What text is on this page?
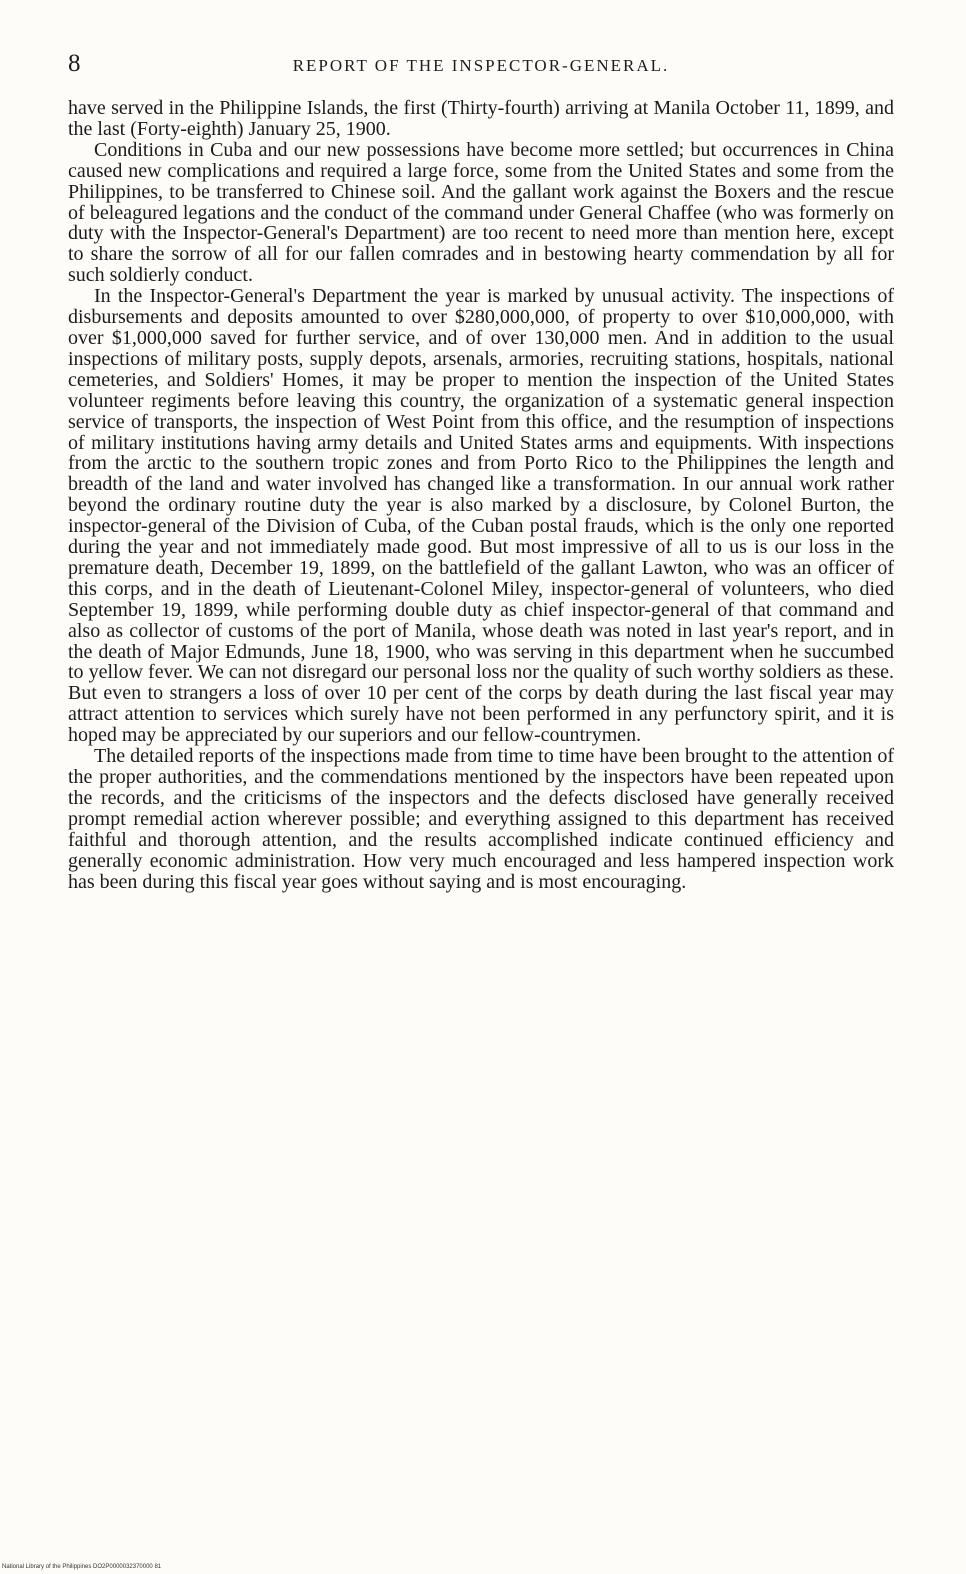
8	REPORT OF THE INSPECTOR-GENERAL.

have served in the Philippine Islands, the first (Thirty-fourth) arriving at Manila October 11, 1899, and the last (Forty-eighth) January 25, 1900.

Conditions in Cuba and our new possessions have become more settled; but occurrences in China caused new complications and required a large force, some from the United States and some from the Philippines, to be transferred to Chinese soil. And the gallant work against the Boxers and the rescue of beleagured legations and the conduct of the command under General Chaffee (who was formerly on duty with the Inspector-General's Department) are too recent to need more than mention here, except to share the sorrow of all for our fallen comrades and in bestowing hearty commendation by all for such soldierly conduct.

In the Inspector-General's Department the year is marked by unusual activity. The inspections of disbursements and deposits amounted to over $280,000,000, of property to over $10,000,000, with over $1,000,000 saved for further service, and of over 130,000 men. And in addition to the usual inspections of military posts, supply depots, arsenals, armories, recruiting stations, hospitals, national cemeteries, and Soldiers' Homes, it may be proper to mention the inspection of the United States volunteer regiments before leaving this country, the organization of a systematic general inspection service of transports, the inspection of West Point from this office, and the resumption of inspections of military institutions having army details and United States arms and equipments. With inspections from the arctic to the southern tropic zones and from Porto Rico to the Philippines the length and breadth of the land and water involved has changed like a transformation. In our annual work rather beyond the ordinary routine duty the year is also marked by a disclosure, by Colonel Burton, the inspector-general of the Division of Cuba, of the Cuban postal frauds, which is the only one reported during the year and not immediately made good. But most impressive of all to us is our loss in the premature death, December 19, 1899, on the battlefield of the gallant Lawton, who was an officer of this corps, and in the death of Lieutenant-Colonel Miley, inspector-general of volunteers, who died September 19, 1899, while performing double duty as chief inspector-general of that command and also as collector of customs of the port of Manila, whose death was noted in last year's report, and in the death of Major Edmunds, June 18, 1900, who was serving in this department when he succumbed to yellow fever. We can not disregard our personal loss nor the quality of such worthy soldiers as these. But even to strangers a loss of over 10 per cent of the corps by death during the last fiscal year may attract attention to services which surely have not been performed in any perfunctory spirit, and it is hoped may be appreciated by our superiors and our fellow-countrymen.

The detailed reports of the inspections made from time to time have been brought to the attention of the proper authorities, and the commendations mentioned by the inspectors have been repeated upon the records, and the criticisms of the inspectors and the defects disclosed have generally received prompt remedial action wherever possible; and everything assigned to this department has received faithful and thorough attention, and the results accomplished indicate continued efficiency and generally economic administration. How very much encouraged and less hampered inspection work has been during this fiscal year goes without saying and is most encouraging.

National Library of the Philippines DO2P0000032370000 81
